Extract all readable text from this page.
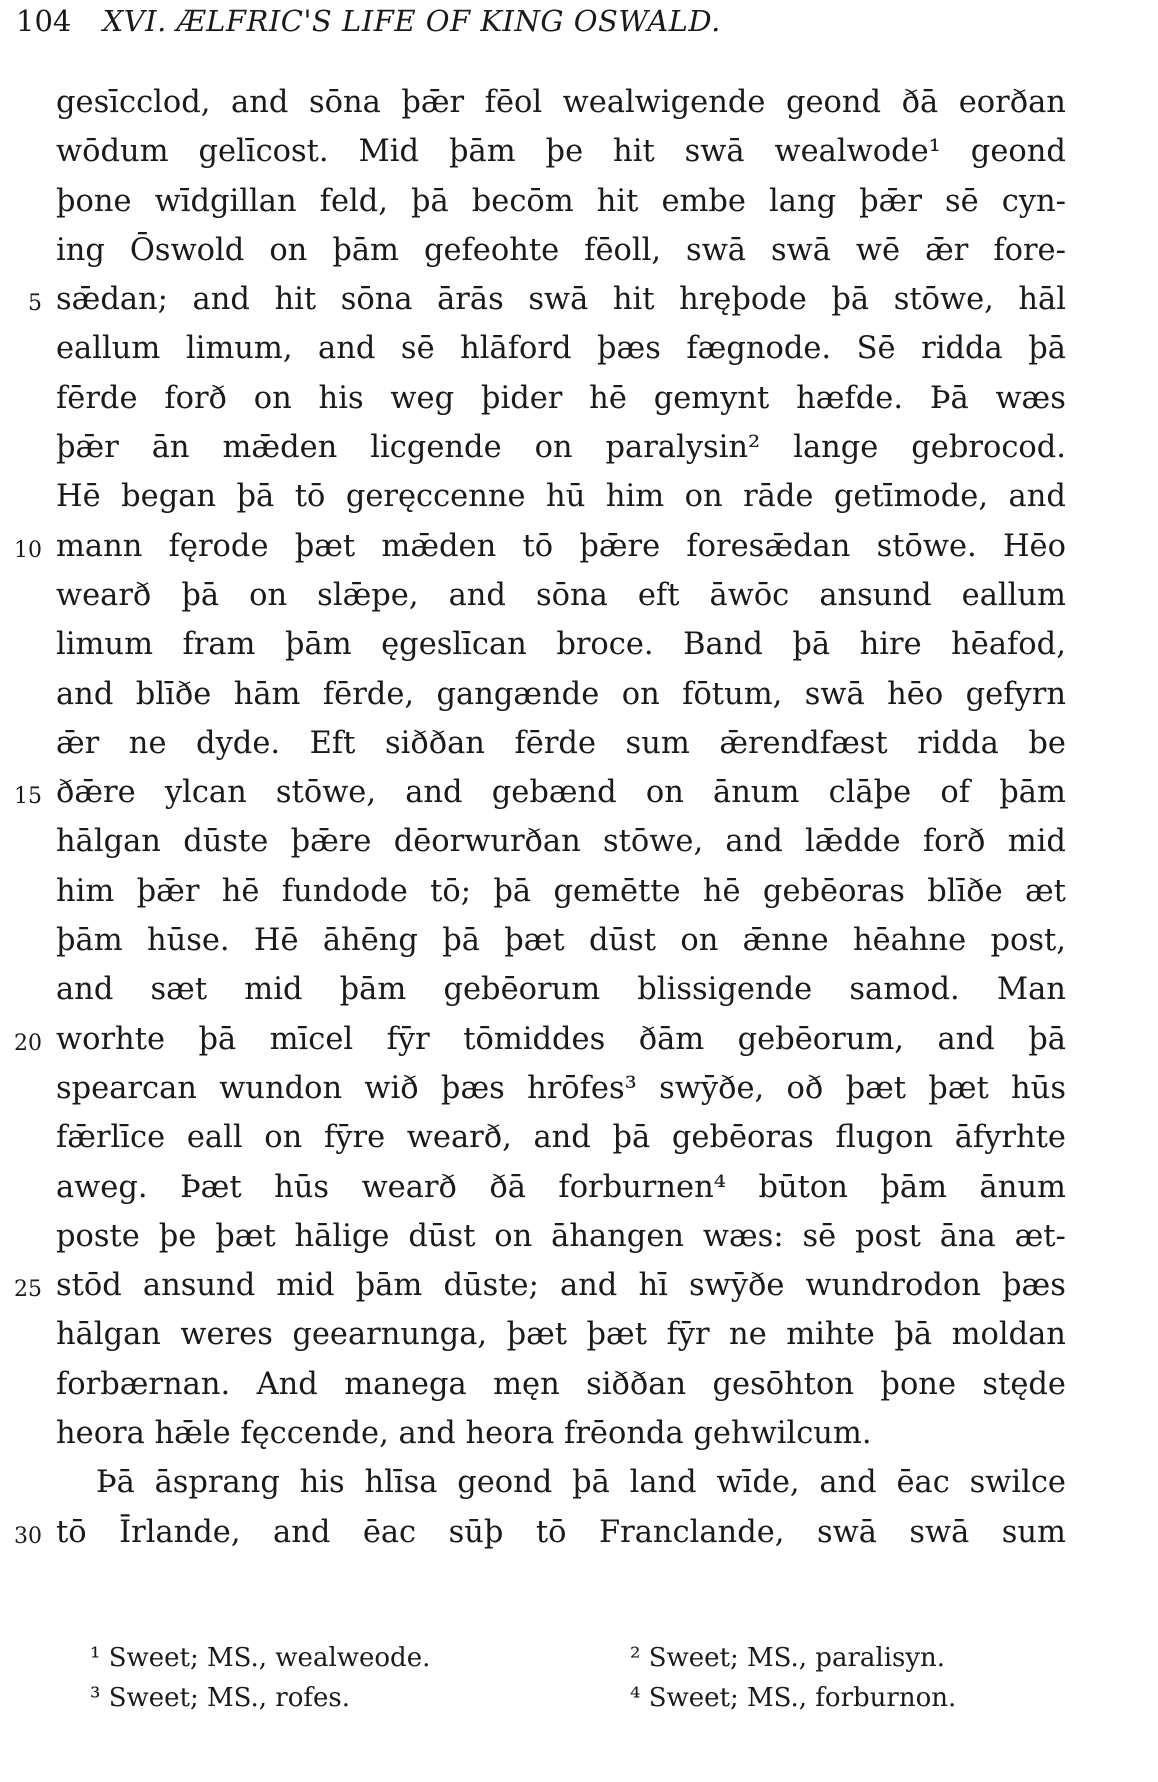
104 XVI. ÆLFRIC'S LIFE OF KING OSWALD.
gesīcclod, and sōna þǣr fēol wealwigende geond ðā eorðan
wōdum gelīcost. Mid þām þe hit swā wealwode¹ geond
þone wīdgillan feld, þā becōm hit embe lang þǣr sē cyn-
ing Ōswold on þām gefeohte fēoll, swā swā wē ǣr fore-
5 sǣdan; and hit sōna ārās swā hit hręþode þā stōwe, hāl
eallum limum, and sē hlāford þæs fægnode. Sē ridda þā
fērde forð on his weg þider hē gemynt hæfde. Þā wæs
þǣr ān mǣden licgende on paralysin² lange gebrocod.
Hē began þā tō geręccenne hū him on rāde getīmode, and
10 mann fęrode þæt mǣden tō þǣre foresǣdan stōwe. Hēo
wearð þā on slǣpe, and sōna eft āwōc ansund eallum
limum fram þām ęgeslīcan broce. Band þā hire hēafod,
and blīðe hām fērde, gangænde on fōtum, swā hēo gefyrn
ǣr ne dyde. Eft siððan fērde sum ǣrendfæst ridda be
15 ðǣre ylcan stōwe, and gebænd on ānum clāþe of þām
hālgan dūste þǣre dēorwurðan stōwe, and lǣdde forð mid
him þǣr hē fundode tō; þā gemētte hē gebēoras blīðe æt
þām hūse. Hē āhēng þā þæt dūst on ǣnne hēahne post,
and sæt mid þām gebēorum blissigende samod. Man
20 worhte þā mīcel fȳr tōmiddes ðām gebēorum, and þā
spearcan wundon wið þæs hrōfes³ swȳðe, oð þæt þæt hūs
fǣrlīce eall on fȳre wearð, and þā gebēoras flugon āfyrhte
aweg. Þæt hūs wearð ðā forburnen⁴ būton þām ānum
poste þe þæt hālige dūst on āhangen wæs: sē post āna æt-
25 stōd ansund mid þām dūste; and hī swȳðe wundrodon þæs
hālgan weres geearnunga, þæt þæt fȳr ne mihte þā moldan
forbærnan. And manega męn siððan gesōhton þone stęde
heora hǣle fęccende, and heora frēonda gehwilcum.
Þā āsprang his hlīsa geond þā land wīde, and ēac swilce
30 tō Īrlande, and ēac sūþ tō Franclande, swā swā sum
¹ Sweet; MS., wealweode.	² Sweet; MS., paralisyn.
³ Sweet; MS., rofes.	⁴ Sweet; MS., forburnon.
